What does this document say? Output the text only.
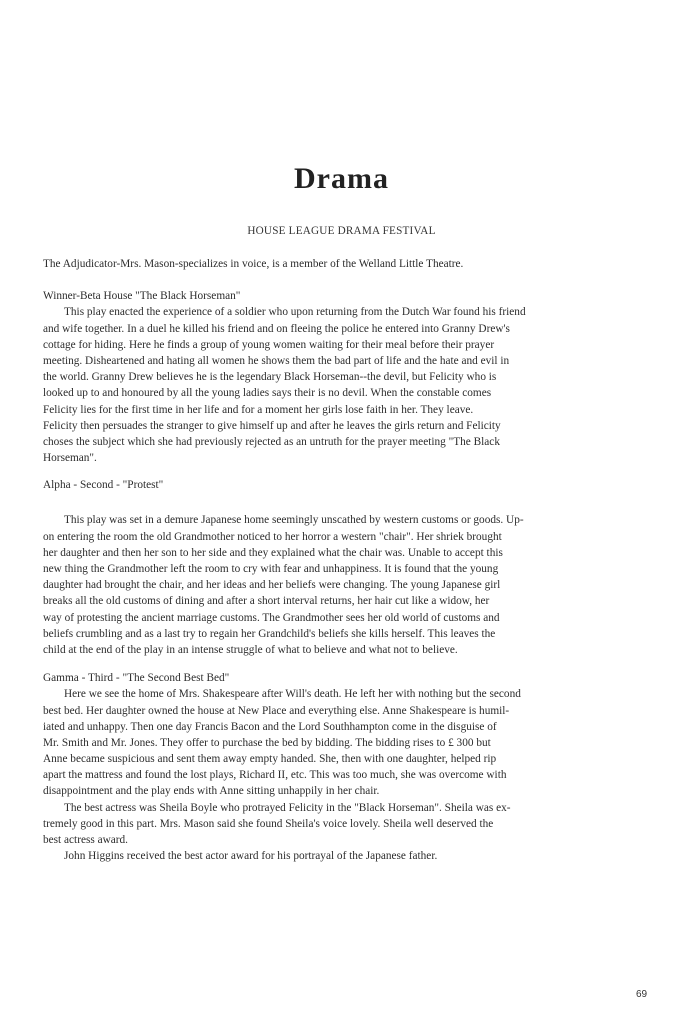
Drama
HOUSE LEAGUE DRAMA FESTIVAL
The Adjudicator-Mrs. Mason-specializes in voice, is a member of the Welland Little Theatre.
Winner-Beta House "The Black Horseman"
This play enacted the experience of a soldier who upon returning from the Dutch War found his friend
and wife together. In a duel he killed his friend and on fleeing the police he entered into Granny Drew's
cottage for hiding. Here he finds a group of young women waiting for their meal before their prayer
meeting. Disheartened and hating all women he shows them the bad part of life and the hate and evil in
the world. Granny Drew believes he is the legendary Black Horseman--the devil, but Felicity who is
looked up to and honoured by all the young ladies says their is no devil. When the constable comes
Felicity lies for the first time in her life and for a moment her girls lose faith in her. They leave.
Felicity then persuades the stranger to give himself up and after he leaves the girls return and Felicity
choses the subject which she had previously rejected as an untruth for the prayer meeting "The Black
Horseman".
Alpha - Second - "Protest"
This play was set in a demure Japanese home seemingly unscathed by western customs or goods. Up-
on entering the room the old Grandmother noticed to her horror a western "chair". Her shriek brought
her daughter and then her son to her side and they explained what the chair was. Unable to accept this
new thing the Grandmother left the room to cry with fear and unhappiness. It is found that the young
daughter had brought the chair, and her ideas and her beliefs were changing. The young Japanese girl
breaks all the old customs of dining and after a short interval returns, her hair cut like a widow, her
way of protesting the ancient marriage customs. The Grandmother sees her old world of customs and
beliefs crumbling and as a last try to regain her Grandchild's beliefs she kills herself. This leaves the
child at the end of the play in an intense struggle of what to believe and what not to believe.
Gamma - Third - "The Second Best Bed"
Here we see the home of Mrs. Shakespeare after Will's death. He left her with nothing but the second
best bed. Her daughter owned the house at New Place and everything else. Anne Shakespeare is humil-
iated and unhappy. Then one day Francis Bacon and the Lord Southhampton come in the disguise of
Mr. Smith and Mr. Jones. They offer to purchase the bed by bidding. The bidding rises to £ 300 but
Anne became suspicious and sent them away empty handed. She, then with one daughter, helped rip
apart the mattress and found the lost plays, Richard II, etc. This was too much, she was overcome with
disappointment and the play ends with Anne sitting unhappily in her chair.
The best actress was Sheila Boyle who protrayed Felicity in the "Black Horseman". Sheila was ex-
tremely good in this part. Mrs. Mason said she found Sheila's voice lovely. Sheila well deserved the
best actress award.
John Higgins received the best actor award for his portrayal of the Japanese father.
69
